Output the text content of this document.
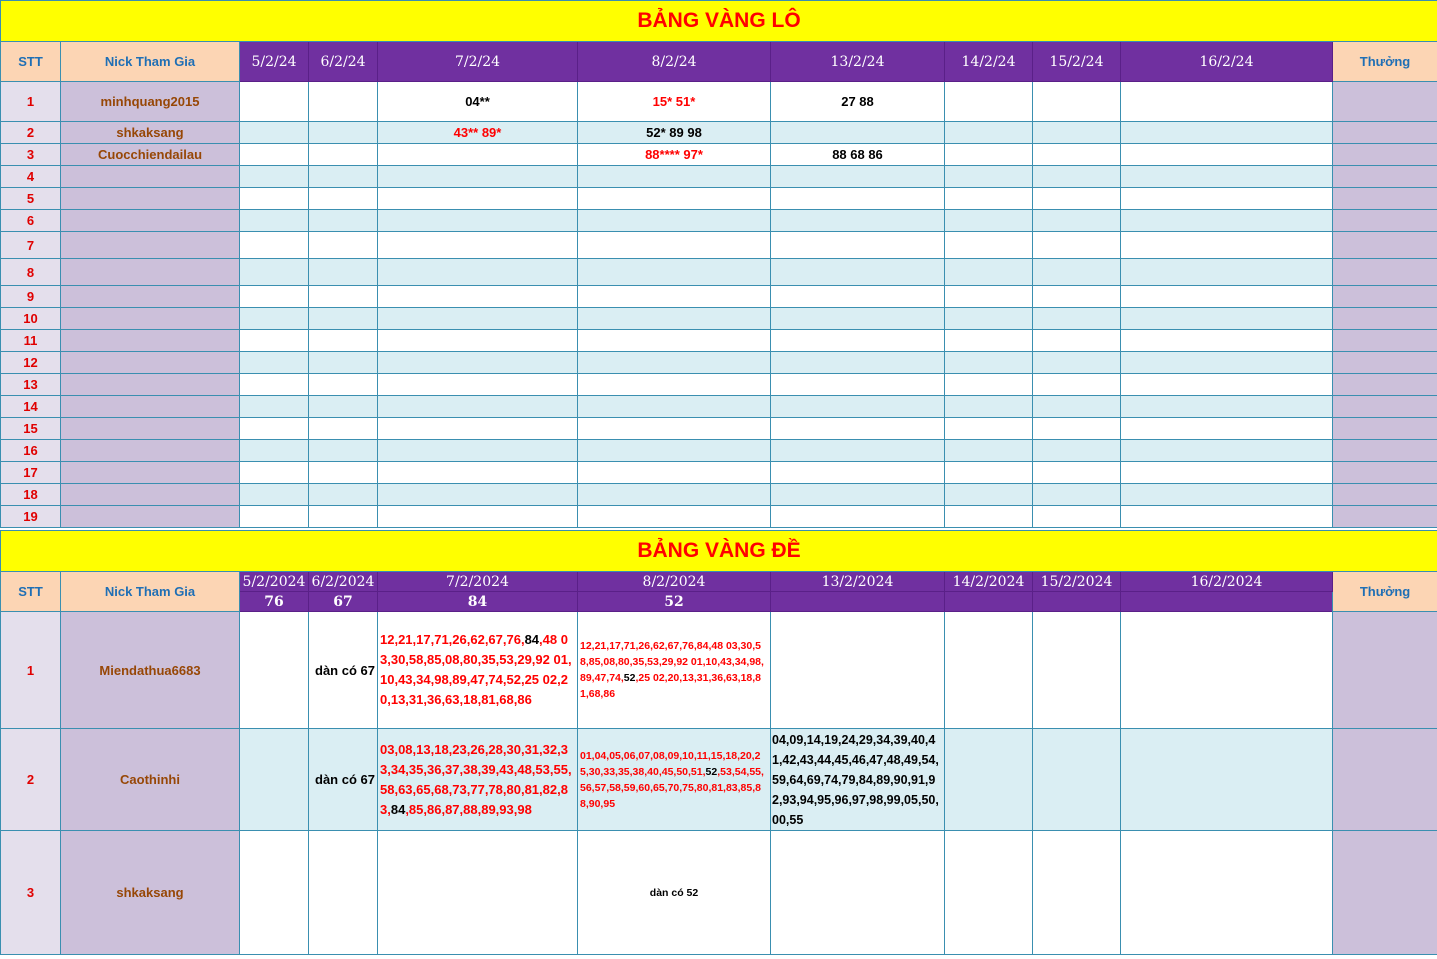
BẢNG VÀNG LÔ										
STT	Nick Tham Gia	5/2/24	6/2/24	7/2/24	8/2/24	13/2/24	14/2/24	15/2/24	16/2/24	Thưởng
1	minhquang2015			04**	15* 51*	27 88				
2	shkaksang			43** 89*	52* 89 98					
3	Cuocchiendailau				88**** 97*	88 68 86				
4										
5										
6										
7										
8										
9										
10										
11										
12										
13										
14										
15										
16										
17										
18										
19										
BẢNG VÀNG ĐỀ										
STT	Nick Tham Gia	5/2/2024	6/2/2024	7/2/2024	8/2/2024	13/2/2024	14/2/2024	15/2/2024	16/2/2024	Thưởng
		76	67	84	52					
1	Miendathua6683		dàn có 67	12,21,17,71,26,62,67,76,84,48 03,30,58,85,08,80,35,53,29,92 01,10,43,34,98,89,47,74,52,25 02,20,13,31,36,63,18,81,68,86	12,21,17,71,26,62,67,76,84,48 03,30,58,85,08,80,35,53,29,92 01,10,43,34,98,89,47,74,52,25 02,20,13,31,36,63,18,81,68,86					
2	Caothinhi		dàn có 67	03,08,13,18,23,26,28,30,31,32,33,34,35,36,37,38,39,43,48,53,55,58,63,65,68,73,77,78,80,81,82,83,84,85,86,87,88,89,93,98	01,04,05,06,07,08,09,10,11,15,18,20,25,30,33,35,38,40,45,50,51,52,53,54,55,56,57,58,59,60,65,70,75,80,81,83,85,88,90,95	04,09,14,19,24,29,34,39,40,41,42,43,44,45,46,47,48,49,54,59,64,69,74,79,84,89,90,91,92,93,94,95,96,97,98,99,05,50,00,55				
3	shkaksang				dàn có 52					
